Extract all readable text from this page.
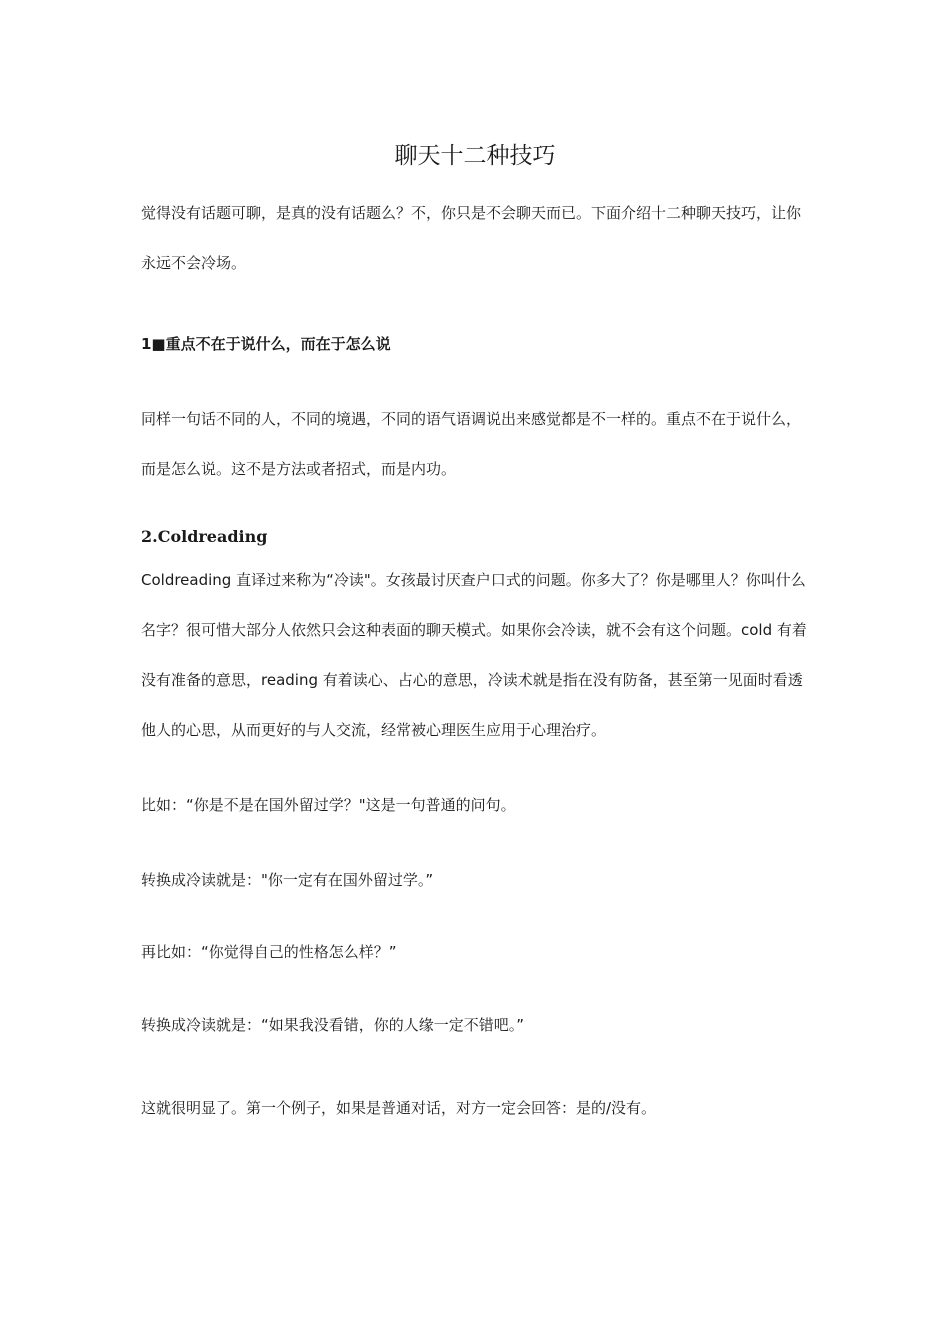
聊天十二种技巧

觉得没有话题可聊，是真的没有话题么？不，你只是不会聊天而已。下面介绍十二种聊天技巧，让你永远不会冷场。

1■重点不在于说什么，而在于怎么说

同样一句话不同的人，不同的境遇，不同的语气语调说出来感觉都是不一样的。重点不在于说什么，而是怎么说。这不是方法或者招式，而是内功。

2.Coldreading

Coldreading 直译过来称为“冷读"。女孩最讨厌查户口式的问题。你多大了？你是哪里人？你叫什么名字？很可惜大部分人依然只会这种表面的聊天模式。如果你会冷读，就不会有这个问题。cold 有着没有准备的意思，reading 有着读心、占心的意思，冷读术就是指在没有防备，甚至第一见面时看透他人的心思，从而更好的与人交流，经常被心理医生应用于心理治疗。

比如：“你是不是在国外留过学？"这是一句普通的问句。

转换成冷读就是："你一定有在国外留过学。”

再比如：“你觉得自己的性格怎么样？”

转换成冷读就是：“如果我没看错，你的人缘一定不错吧。”

这就很明显了。第一个例子，如果是普通对话，对方一定会回答：是的/没有。
